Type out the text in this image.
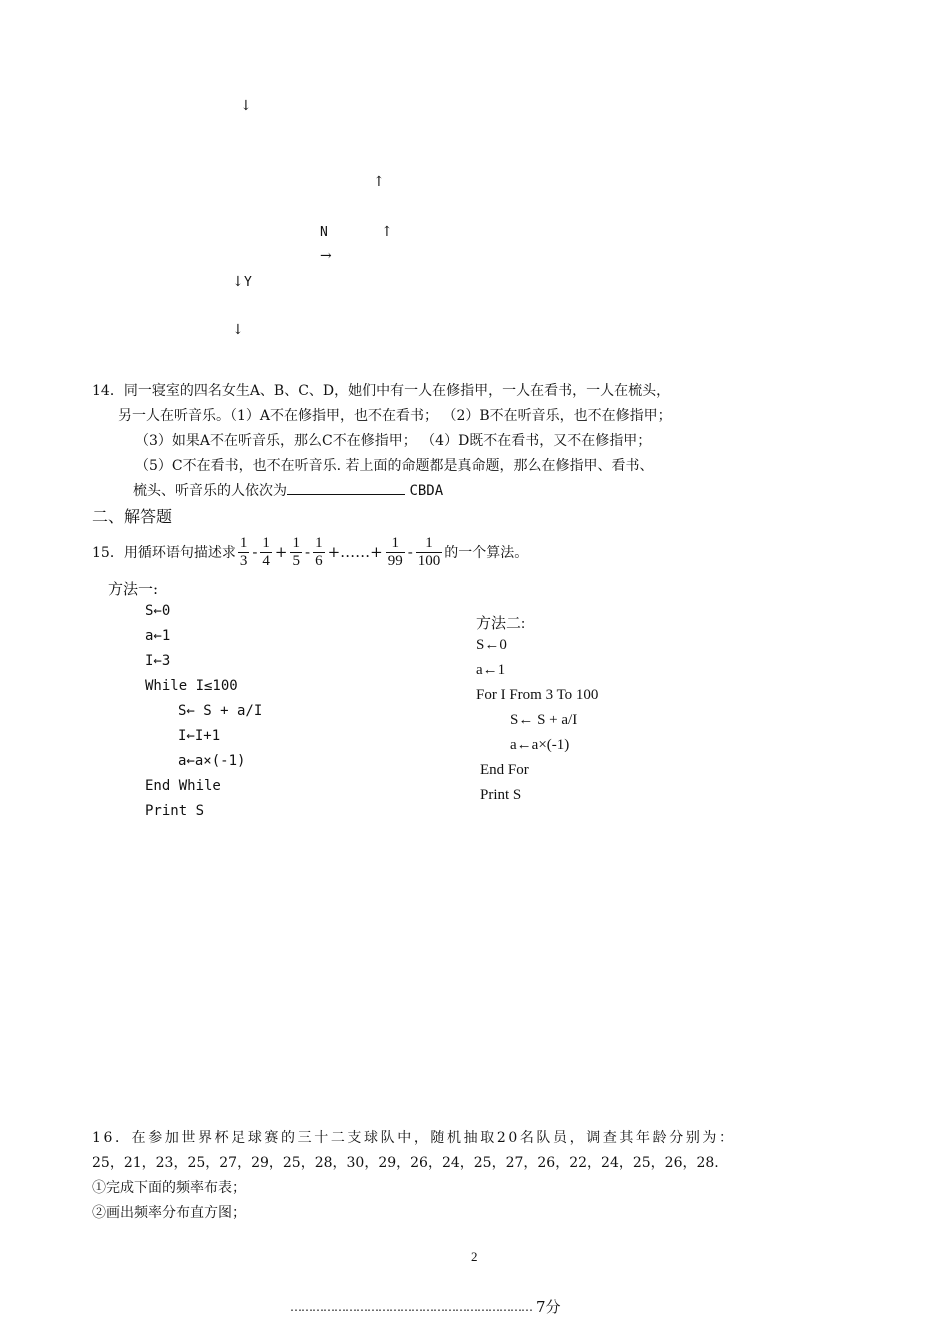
↓
↑
N	↑
→
↓ Y
↓
14．同一寝室的四名女生A、B、C、D，她们中有一人在修指甲，一人在看书，一人在梳头，
另一人在听音乐。（1）A不在修指甲，也不在看书； （2）B不在听音乐，也不在修指甲；
（3）如果A不在听音乐，那么C不在修指甲； （4）D既不在看书，又不在修指甲；
（5）C不在看书，也不在听音乐. 若上面的命题都是真命题，那么在修指甲、看书、
梳头、听音乐的人依次为	CBDA
二、解答题
15．用循环语句描述求 $\frac{1}{3} - \frac{1}{4} + \frac{1}{5} - \frac{1}{6}$ +……+ $\frac{1}{99} - \frac{1}{100}$ 的一个算法。
方法一:
S←0
a←1
I←3
While I≤100
S← S + a/I
I←I+1
a←a×(-1)
End While
Print S
方法二:
S←0
a←1
For I From 3 To 100
S← S + a/I
a←a×(-1)
End For
Print S
16．在参加世界杯足球赛的三十二支球队中，随机抽取20名队员，调查其年龄分别为：
25，21，23，25，27，29，25，28，30，29，26，24，25，27，26，22，24，25，26，28.
①完成下面的频率布表；
②画出频率分布直方图；
2
………………………………………………………… 7分
